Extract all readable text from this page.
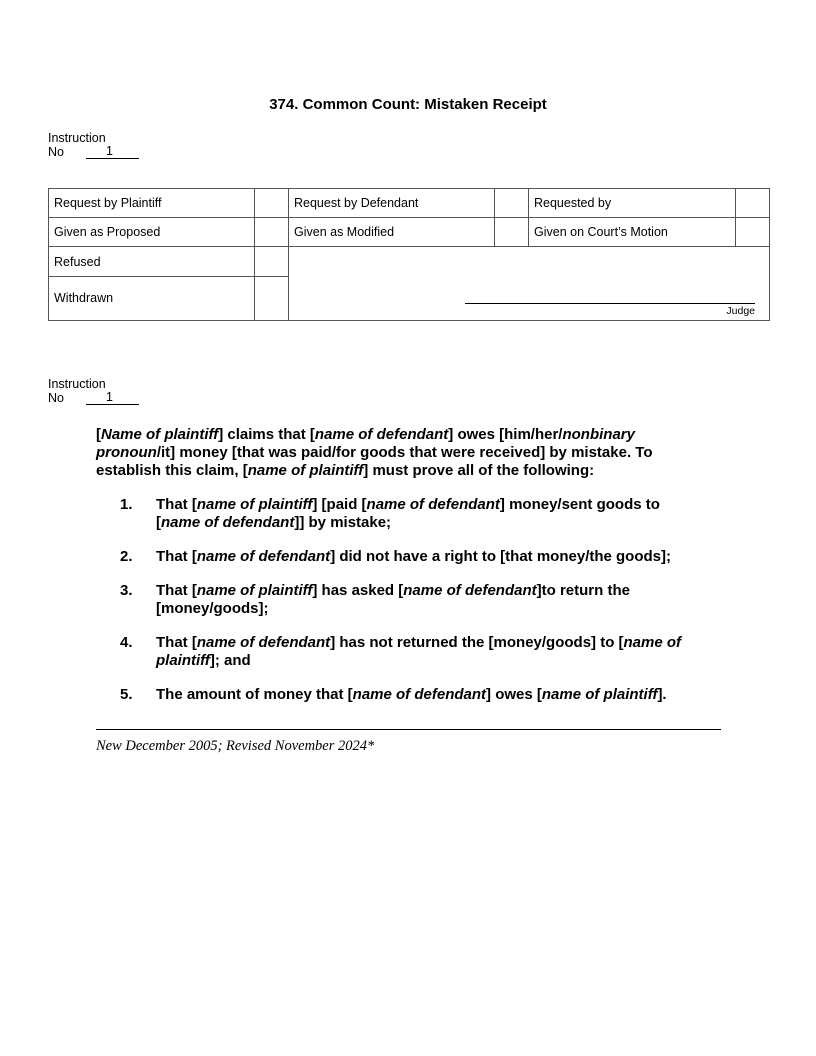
374. Common Count: Mistaken Receipt
Instruction
No	1
Request by Plaintiff		Request by Defendant		Requested by	
Given as Proposed		Given as Modified		Given on Court’s Motion	
Refused		Judge			

Withdrawn					
Instruction
No	1

[Name of plaintiff] claims that [name of defendant] owes [him/her/nonbinary pronoun/it] money [that was paid/for goods that were received] by mistake. To establish this claim, [name of plaintiff] must prove all of the following:

1.	That [name of plaintiff] [paid [name of defendant] money/sent goods to [name of defendant]] by mistake;
2.	That [name of defendant] did not have a right to [that money/the goods];
3.	That [name of plaintiff] has asked [name of defendant]to return the [money/goods];
4.	That [name of defendant] has not returned the [money/goods] to [name of plaintiff]; and
5.	The amount of money that [name of defendant] owes [name of plaintiff].
New December 2005; Revised November 2024*
